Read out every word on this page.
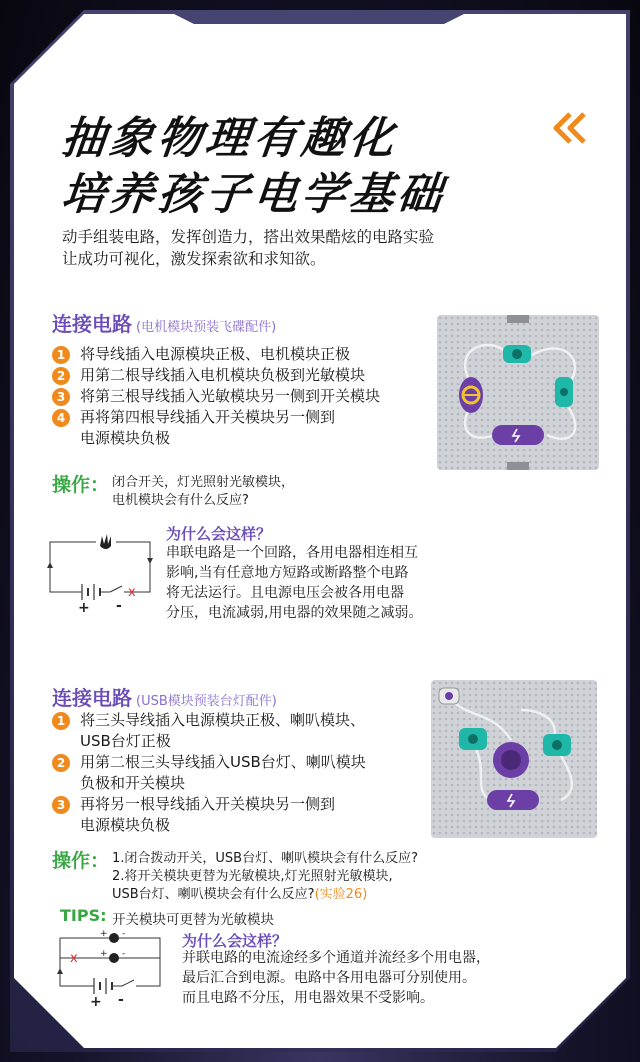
抽象物理有趣化
培养孩子电学基础
动手组装电路，发挥创造力，搭出效果酷炫的电路实验
让成功可视化，激发探索欲和求知欲。
连接电路 (电机模块预装飞碟配件)
1 将导线插入电源模块正极、电机模块正极
2 用第二根导线插入电机模块负极到光敏模块
3 将第三根导线插入光敏模块另一侧到开关模块
4 再将第四根导线插入开关模块另一侧到
电源模块负极
操作： 闭合开关，灯光照射光敏模块，
电机模块会有什么反应?
+ -
x
为什么会这样？
串联电路是一个回路，各用电器相连相互
影响,当有任意地方短路或断路整个电路
将无法运行。且电源电压会被各用电器
分压，电流减弱,用电器的效果随之减弱。
连接电路 (USB模块预装台灯配件)
1 将三头导线插入电源模块正极、喇叭模块、
USB台灯正极
2 用第二根三头导线插入USB台灯、喇叭模块
负极和开关模块
3 再将另一根导线插入开关模块另一侧到
电源模块负极
操作： 1.闭合拨动开关，USB台灯、喇叭模块会有什么反应?
2.将开关模块更替为光敏模块,灯光照射光敏模块,
USB台灯、喇叭模块会有什么反应?(实验26)
TIPS: 开关模块可更替为光敏模块
+ -
+ -
x
+ -
为什么会这样？
并联电路的电流途经多个通道并流经多个用电器，
最后汇合到电源。电路中各用电器可分别使用。
而且电路不分压，用电器效果不受影响。
